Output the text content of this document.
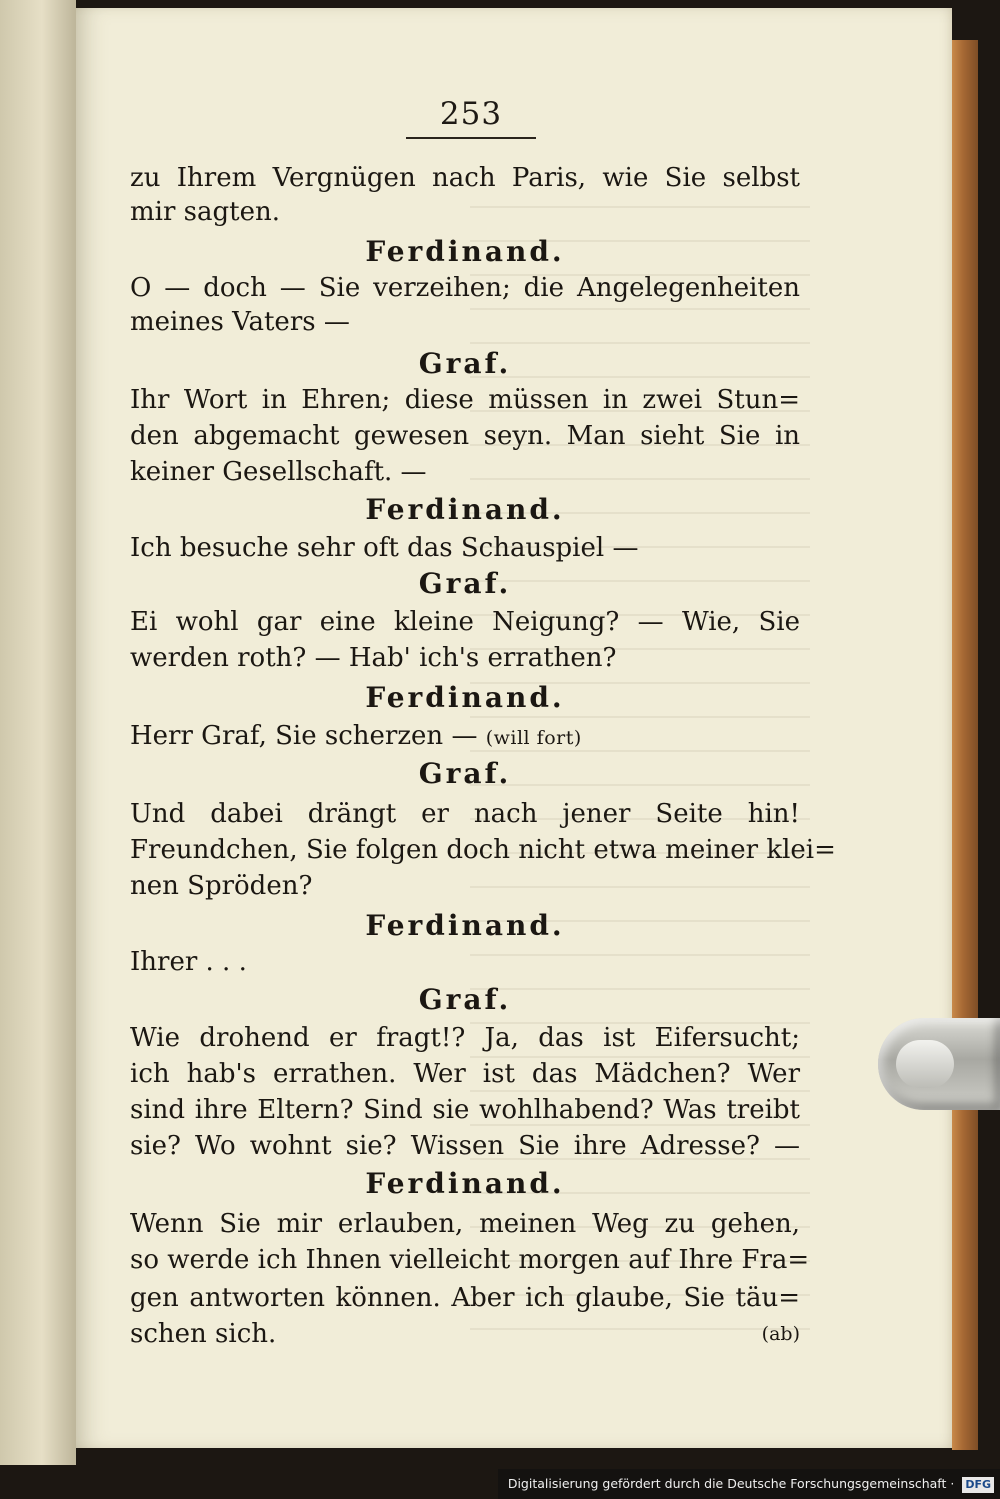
253
zu Ihrem Vergnügen nach Paris, wie Sie selbst
mir sagten.
Ferdinand.
O — doch — Sie verzeihen; die Angelegenheiten
meines Vaters —
Graf.
Ihr Wort in Ehren; diese müssen in zwei Stun=
den abgemacht gewesen seyn. Man sieht Sie in
keiner Gesellschaft. —
Ferdinand.
Ich besuche sehr oft das Schauspiel —
Graf.
Ei wohl gar eine kleine Neigung? — Wie, Sie
werden roth? — Hab' ich's errathen?
Ferdinand.
Herr Graf, Sie scherzen — (will fort)
Graf.
Und dabei drängt er nach jener Seite hin!
Freundchen, Sie folgen doch nicht etwa meiner klei=
nen Spröden?
Ferdinand.
Ihrer . . .
Graf.
Wie drohend er fragt!? Ja, das ist Eifersucht;
ich hab's errathen. Wer ist das Mädchen? Wer
sind ihre Eltern? Sind sie wohlhabend? Was treibt
sie? Wo wohnt sie? Wissen Sie ihre Adresse? —
Ferdinand.
Wenn Sie mir erlauben, meinen Weg zu gehen,
so werde ich Ihnen vielleicht morgen auf Ihre Fra=
gen antworten können. Aber ich glaube, Sie täu=
(ab)
schen sich.
Digitalisierung gefördert durch die Deutsche Forschungsgemeinschaft · DFG
